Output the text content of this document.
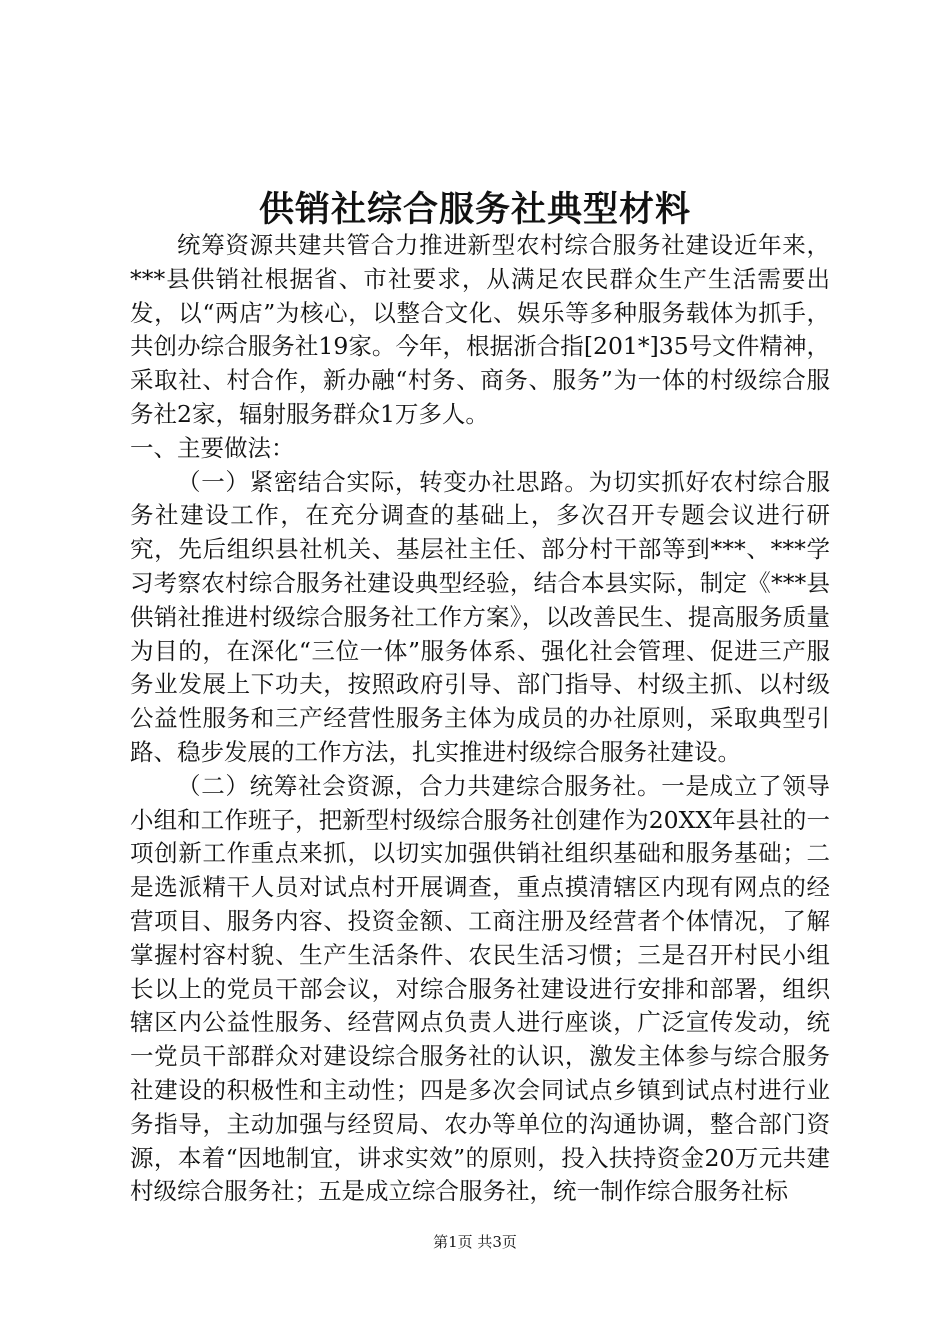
供销社综合服务社典型材料

统筹资源共建共管合力推进新型农村综合服务社建设近年来，***县供销社根据省、市社要求，从满足农民群众生产生活需要出发，以“两店”为核心，以整合文化、娱乐等多种服务载体为抓手，共创办综合服务社19家。今年，根据浙合指[201*]35号文件精神，采取社、村合作，新办融“村务、商务、服务”为一体的村级综合服务社2家，辐射服务群众1万多人。

一、主要做法：

（一）紧密结合实际，转变办社思路。为切实抓好农村综合服务社建设工作，在充分调查的基础上，多次召开专题会议进行研究，先后组织县社机关、基层社主任、部分村干部等到***、***学习考察农村综合服务社建设典型经验，结合本县实际，制定《***县供销社推进村级综合服务社工作方案》，以改善民生、提高服务质量为目的，在深化“三位一体”服务体系、强化社会管理、促进三产服务业发展上下功夫，按照政府引导、部门指导、村级主抓、以村级公益性服务和三产经营性服务主体为成员的办社原则，采取典型引路、稳步发展的工作方法，扎实推进村级综合服务社建设。

（二）统筹社会资源，合力共建综合服务社。一是成立了领导小组和工作班子，把新型村级综合服务社创建作为20XX年县社的一项创新工作重点来抓，以切实加强供销社组织基础和服务基础；二是选派精干人员对试点村开展调查，重点摸清辖区内现有网点的经营项目、服务内容、投资金额、工商注册及经营者个体情况，了解掌握村容村貌、生产生活条件、农民生活习惯；三是召开村民小组长以上的党员干部会议，对综合服务社建设进行安排和部署，组织辖区内公益性服务、经营网点负责人进行座谈，广泛宣传发动，统一党员干部群众对建设综合服务社的认识，激发主体参与综合服务社建设的积极性和主动性；四是多次会同试点乡镇到试点村进行业务指导，主动加强与经贸局、农办等单位的沟通协调，整合部门资源，本着“因地制宜，讲求实效”的原则，投入扶持资金20万元共建村级综合服务社；五是成立综合服务社，统一制作综合服务社标

第1页 共3页
